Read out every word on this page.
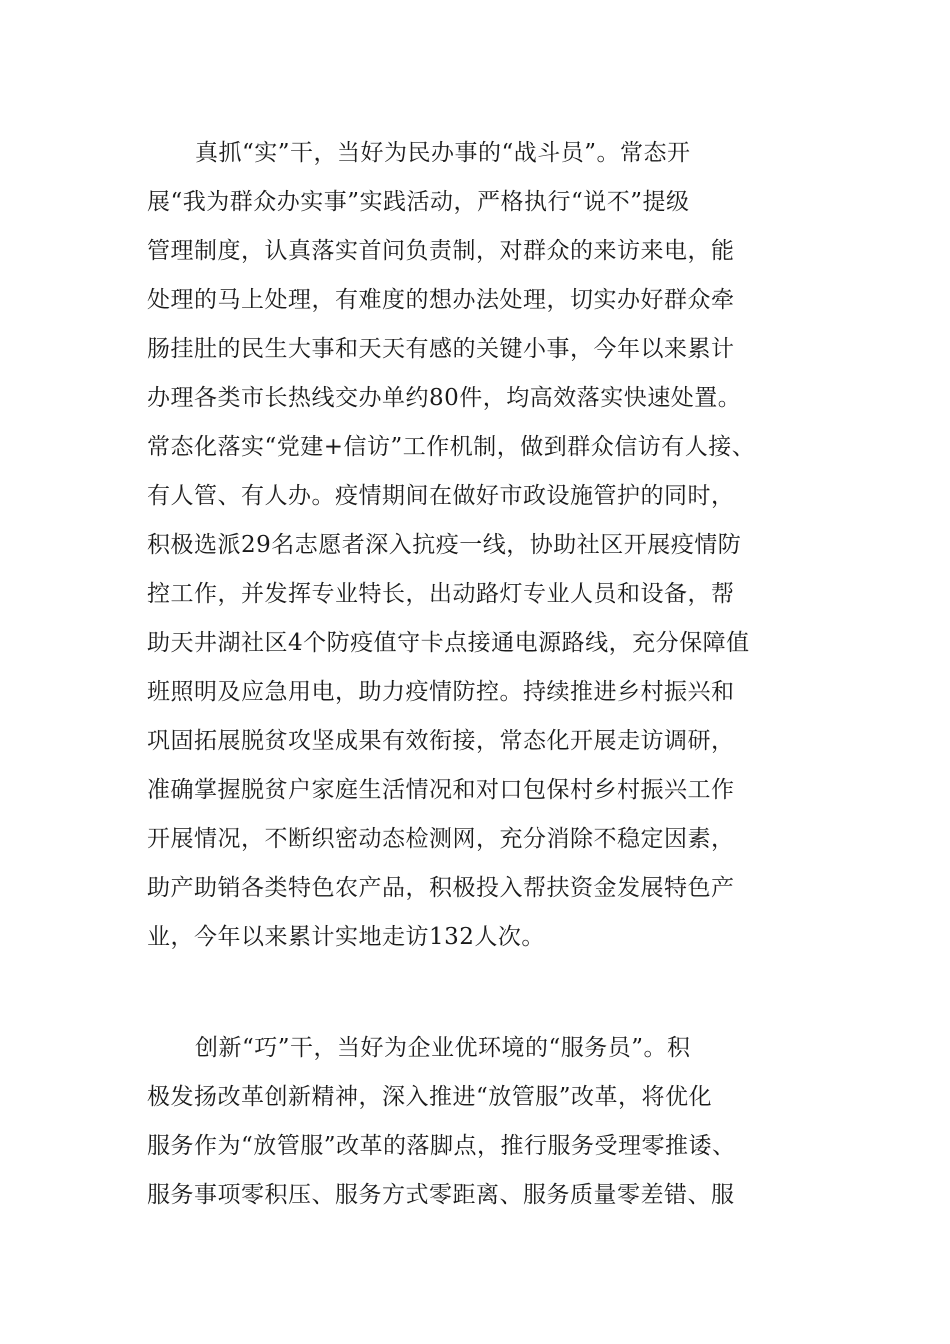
真抓“实”干，当好为民办事的“战斗员”。常态开
展“我为群众办实事”实践活动，严格执行“说不”提级
管理制度，认真落实首问负责制，对群众的来访来电，能
处理的马上处理，有难度的想办法处理，切实办好群众牵
肠挂肚的民生大事和天天有感的关键小事，今年以来累计
办理各类市长热线交办单约80件，均高效落实快速处置。
常态化落实“党建+信访”工作机制，做到群众信访有人接、
有人管、有人办。疫情期间在做好市政设施管护的同时，
积极选派29名志愿者深入抗疫一线，协助社区开展疫情防
控工作，并发挥专业特长，出动路灯专业人员和设备，帮
助天井湖社区4个防疫值守卡点接通电源路线，充分保障值
班照明及应急用电，助力疫情防控。持续推进乡村振兴和
巩固拓展脱贫攻坚成果有效衔接，常态化开展走访调研，
准确掌握脱贫户家庭生活情况和对口包保村乡村振兴工作
开展情况，不断织密动态检测网，充分消除不稳定因素，
助产助销各类特色农产品，积极投入帮扶资金发展特色产
业，今年以来累计实地走访132人次。
创新“巧”干，当好为企业优环境的“服务员”。积
极发扬改革创新精神，深入推进“放管服”改革，将优化
服务作为“放管服”改革的落脚点，推行服务受理零推诿、
服务事项零积压、服务方式零距离、服务质量零差错、服
